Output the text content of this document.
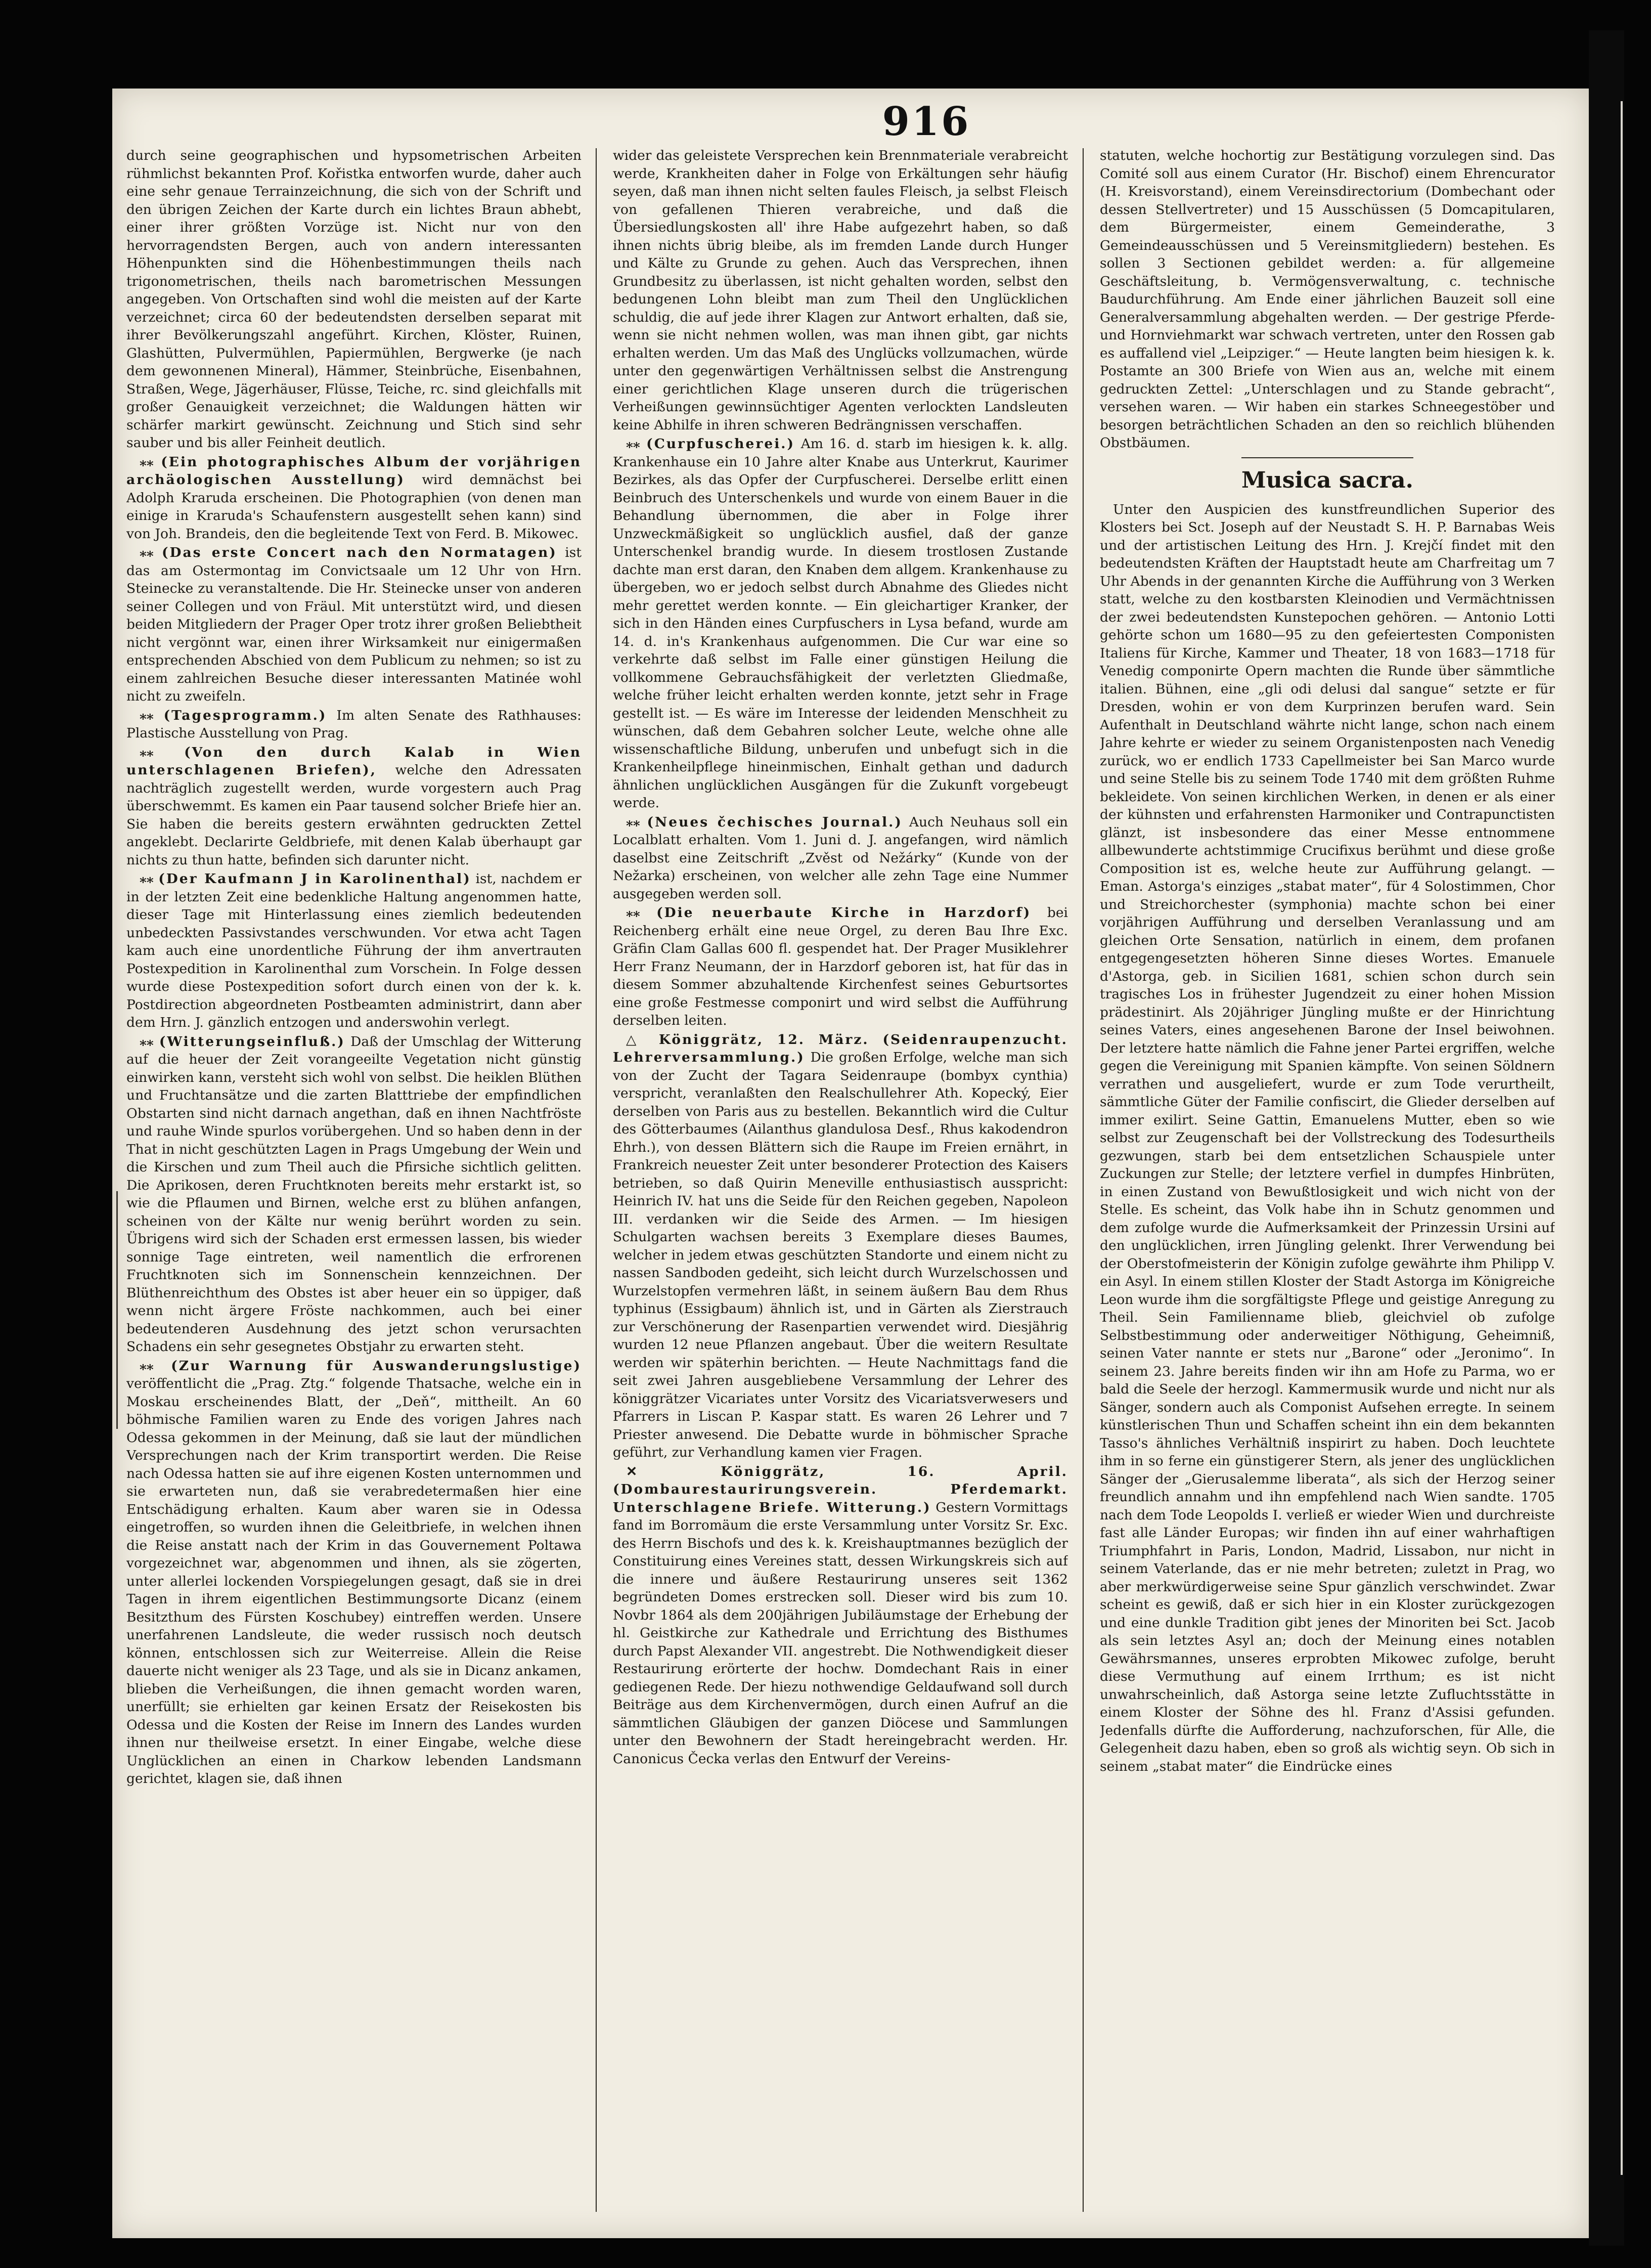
916

durch seine geographischen und hypsometrischen Arbeiten rühmlichst bekannten Prof. Kořistka entworfen wurde, daher auch eine sehr genaue Terrainzeichnung, die sich von der Schrift und den übrigen Zeichen der Karte durch ein lichtes Braun abhebt, einer ihrer größten Vorzüge ist. Nicht nur von den hervorragendsten Bergen, auch von andern interessanten Höhenpunkten sind die Höhenbestimmungen theils nach trigonometrischen, theils nach barometrischen Messungen angegeben. Von Ortschaften sind wohl die meisten auf der Karte verzeichnet; circa 60 der bedeutendsten derselben separat mit ihrer Bevölkerungszahl angeführt. Kirchen, Klöster, Ruinen, Glashütten, Pulvermühlen, Papiermühlen, Bergwerke (je nach dem gewonnenen Mineral), Hämmer, Steinbrüche, Eisenbahnen, Straßen, Wege, Jägerhäuser, Flüsse, Teiche, rc. sind gleichfalls mit großer Genauigkeit verzeichnet; die Waldungen hätten wir schärfer markirt gewünscht. Zeichnung und Stich sind sehr sauber und bis aller Feinheit deutlich.

⁎⁎ (Ein photographisches Album der vorjährigen archäologischen Ausstellung) wird demnächst bei Adolph Kraruda erscheinen. Die Photographien (von denen man einige in Kraruda's Schaufenstern ausgestellt sehen kann) sind von Joh. Brandeis, den die begleitende Text von Ferd. B. Mikowec.

⁎⁎ (Das erste Concert nach den Normatagen) ist das am Ostermontag im Convictsaale um 12 Uhr von Hrn. Steinecke zu veranstaltende. Die Hr. Steinecke unser von anderen seiner Collegen und von Fräul. Mit unterstützt wird, und diesen beiden Mitgliedern der Prager Oper trotz ihrer großen Beliebtheit nicht vergönnt war, einen ihrer Wirksamkeit nur einigermaßen entsprechenden Abschied von dem Publicum zu nehmen; so ist zu einem zahlreichen Besuche dieser interessanten Matinée wohl nicht zu zweifeln.

⁎⁎ (Tagesprogramm.) Im alten Senate des Rathhauses: Plastische Ausstellung von Prag.

⁎⁎ (Von den durch Kalab in Wien unterschlagenen Briefen), welche den Adressaten nachträglich zugestellt werden, wurde vorgestern auch Prag überschwemmt. Es kamen ein Paar tausend solcher Briefe hier an. Sie haben die bereits gestern erwähnten gedruckten Zettel angeklebt. Declarirte Geldbriefe, mit denen Kalab überhaupt gar nichts zu thun hatte, befinden sich darunter nicht.

⁎⁎ (Der Kaufmann J in Karolinenthal) ist, nachdem er in der letzten Zeit eine bedenkliche Haltung angenommen hatte, dieser Tage mit Hinterlassung eines ziemlich bedeutenden unbedeckten Passivstandes verschwunden. Vor etwa acht Tagen kam auch eine unordentliche Führung der ihm anvertrauten Postexpedition in Karolinenthal zum Vorschein. In Folge dessen wurde diese Postexpedition sofort durch einen von der k. k. Postdirection abgeordneten Postbeamten administrirt, dann aber dem Hrn. J. gänzlich entzogen und anderswohin verlegt.

⁎⁎ (Witterungseinfluß.) Daß der Umschlag der Witterung auf die heuer der Zeit vorangeeilte Vegetation nicht günstig einwirken kann, versteht sich wohl von selbst. Die heiklen Blüthen und Fruchtansätze und die zarten Blatttriebe der empfindlichen Obstarten sind nicht darnach angethan, daß en ihnen Nachtfröste und rauhe Winde spurlos vorübergehen. Und so haben denn in der That in nicht geschützten Lagen in Prags Umgebung der Wein und die Kirschen und zum Theil auch die Pfirsiche sichtlich gelitten. Die Aprikosen, deren Fruchtknoten bereits mehr erstarkt ist, so wie die Pflaumen und Birnen, welche erst zu blühen anfangen, scheinen von der Kälte nur wenig berührt worden zu sein. Übrigens wird sich der Schaden erst ermessen lassen, bis wieder sonnige Tage eintreten, weil namentlich die erfrorenen Fruchtknoten sich im Sonnenschein kennzeichnen. Der Blüthenreichthum des Obstes ist aber heuer ein so üppiger, daß wenn nicht ärgere Fröste nachkommen, auch bei einer bedeutenderen Ausdehnung des jetzt schon verursachten Schadens ein sehr gesegnetes Obstjahr zu erwarten steht.

⁎⁎ (Zur Warnung für Auswanderungslustige) veröffentlicht die „Prag. Ztg.“ folgende Thatsache, welche ein in Moskau erscheinendes Blatt, der „Deň“, mittheilt. An 60 böhmische Familien waren zu Ende des vorigen Jahres nach Odessa gekommen in der Meinung, daß sie laut der mündlichen Versprechungen nach der Krim transportirt werden. Die Reise nach Odessa hatten sie auf ihre eigenen Kosten unternommen und sie erwarteten nun, daß sie verabredetermaßen hier eine Entschädigung erhalten. Kaum aber waren sie in Odessa eingetroffen, so wurden ihnen die Geleitbriefe, in welchen ihnen die Reise anstatt nach der Krim in das Gouvernement Poltawa vorgezeichnet war, abgenommen und ihnen, als sie zögerten, unter allerlei lockenden Vorspiegelungen gesagt, daß sie in drei Tagen in ihrem eigentlichen Bestimmungsorte Dicanz (einem Besitzthum des Fürsten Koschubey) eintreffen werden. Unsere unerfahrenen Landsleute, die weder russisch noch deutsch können, entschlossen sich zur Weiterreise. Allein die Reise dauerte nicht weniger als 23 Tage, und als sie in Dicanz ankamen, blieben die Verheißungen, die ihnen gemacht worden waren, unerfüllt; sie erhielten gar keinen Ersatz der Reisekosten bis Odessa und die Kosten der Reise im Innern des Landes wurden ihnen nur theilweise ersetzt. In einer Eingabe, welche diese Unglücklichen an einen in Charkow lebenden Landsmann gerichtet, klagen sie, daß ihnen

wider das geleistete Versprechen kein Brennmateriale verabreicht werde, Krankheiten daher in Folge von Erkältungen sehr häufig seyen, daß man ihnen nicht selten faules Fleisch, ja selbst Fleisch von gefallenen Thieren verabreiche, und daß die Übersiedlungskosten all' ihre Habe aufgezehrt haben, so daß ihnen nichts übrig bleibe, als im fremden Lande durch Hunger und Kälte zu Grunde zu gehen. Auch das Versprechen, ihnen Grundbesitz zu überlassen, ist nicht gehalten worden, selbst den bedungenen Lohn bleibt man zum Theil den Unglücklichen schuldig, die auf jede ihrer Klagen zur Antwort erhalten, daß sie, wenn sie nicht nehmen wollen, was man ihnen gibt, gar nichts erhalten werden. Um das Maß des Unglücks vollzumachen, würde unter den gegenwärtigen Verhältnissen selbst die Anstrengung einer gerichtlichen Klage unseren durch die trügerischen Verheißungen gewinnsüchtiger Agenten verlockten Landsleuten keine Abhilfe in ihren schweren Bedrängnissen verschaffen.

⁎⁎ (Curpfuscherei.) Am 16. d. starb im hiesigen k. k. allg. Krankenhause ein 10 Jahre alter Knabe aus Unterkrut, Kaurimer Bezirkes, als das Opfer der Curpfuscherei. Derselbe erlitt einen Beinbruch des Unterschenkels und wurde von einem Bauer in die Behandlung übernommen, die aber in Folge ihrer Unzweckmäßigkeit so unglücklich ausfiel, daß der ganze Unterschenkel brandig wurde. In diesem trostlosen Zustande dachte man erst daran, den Knaben dem allgem. Krankenhause zu übergeben, wo er jedoch selbst durch Abnahme des Gliedes nicht mehr gerettet werden konnte. — Ein gleichartiger Kranker, der sich in den Händen eines Curpfuschers in Lysa befand, wurde am 14. d. in's Krankenhaus aufgenommen. Die Cur war eine so verkehrte daß selbst im Falle einer günstigen Heilung die vollkommene Gebrauchsfähigkeit der verletzten Gliedmaße, welche früher leicht erhalten werden konnte, jetzt sehr in Frage gestellt ist. — Es wäre im Interesse der leidenden Menschheit zu wünschen, daß dem Gebahren solcher Leute, welche ohne alle wissenschaftliche Bildung, unberufen und unbefugt sich in die Krankenheilpflege hineinmischen, Einhalt gethan und dadurch ähnlichen unglücklichen Ausgängen für die Zukunft vorgebeugt werde.

⁎⁎ (Neues čechisches Journal.) Auch Neuhaus soll ein Localblatt erhalten. Vom 1. Juni d. J. angefangen, wird nämlich daselbst eine Zeitschrift „Zvěst od Nežárky“ (Kunde von der Nežarka) erscheinen, von welcher alle zehn Tage eine Nummer ausgegeben werden soll.

⁎⁎ (Die neuerbaute Kirche in Harzdorf) bei Reichenberg erhält eine neue Orgel, zu deren Bau Ihre Exc. Gräfin Clam Gallas 600 fl. gespendet hat. Der Prager Musiklehrer Herr Franz Neumann, der in Harzdorf geboren ist, hat für das in diesem Sommer abzuhaltende Kirchenfest seines Geburtsortes eine große Festmesse componirt und wird selbst die Aufführung derselben leiten.

△ Königgrätz, 12. März. (Seidenraupenzucht. Lehrerversammlung.) Die großen Erfolge, welche man sich von der Zucht der Tagara Seidenraupe (bombyx cynthia) verspricht, veranlaßten den Realschullehrer Ath. Kopecký, Eier derselben von Paris aus zu bestellen. Bekanntlich wird die Cultur des Götterbaumes (Ailanthus glandulosa Desf., Rhus kakodendron Ehrh.), von dessen Blättern sich die Raupe im Freien ernährt, in Frankreich neuester Zeit unter besonderer Protection des Kaisers betrieben, so daß Quirin Meneville enthusiastisch ausspricht: Heinrich IV. hat uns die Seide für den Reichen gegeben, Napoleon III. verdanken wir die Seide des Armen. — Im hiesigen Schulgarten wachsen bereits 3 Exemplare dieses Baumes, welcher in jedem etwas geschützten Standorte und einem nicht zu nassen Sandboden gedeiht, sich leicht durch Wurzelschossen und Wurzelstopfen vermehren läßt, in seinem äußern Bau dem Rhus typhinus (Essigbaum) ähnlich ist, und in Gärten als Zierstrauch zur Verschönerung der Rasenpartien verwendet wird. Diesjährig wurden 12 neue Pflanzen angebaut. Über die weitern Resultate werden wir späterhin berichten. — Heute Nachmittags fand die seit zwei Jahren ausgebliebene Versammlung der Lehrer des königgrätzer Vicariates unter Vorsitz des Vicariatsverwesers und Pfarrers in Liscan P. Kaspar statt. Es waren 26 Lehrer und 7 Priester anwesend. Die Debatte wurde in böhmischer Sprache geführt, zur Verhandlung kamen vier Fragen.

✕ Königgrätz, 16. April. (Dombaurestaurirungsverein. Pferdemarkt. Unterschlagene Briefe. Witterung.) Gestern Vormittags fand im Borromäum die erste Versammlung unter Vorsitz Sr. Exc. des Herrn Bischofs und des k. k. Kreishauptmannes bezüglich der Constituirung eines Vereines statt, dessen Wirkungskreis sich auf die innere und äußere Restaurirung unseres seit 1362 begründeten Domes erstrecken soll. Dieser wird bis zum 10. Novbr 1864 als dem 200jährigen Jubiläumstage der Erhebung der hl. Geistkirche zur Kathedrale und Errichtung des Bisthumes durch Papst Alexander VII. angestrebt. Die Nothwendigkeit dieser Restaurirung erörterte der hochw. Domdechant Rais in einer gediegenen Rede. Der hiezu nothwendige Geldaufwand soll durch Beiträge aus dem Kirchenvermögen, durch einen Aufruf an die sämmtlichen Gläubigen der ganzen Diöcese und Sammlungen unter den Bewohnern der Stadt hereingebracht werden. Hr. Canonicus Čecka verlas den Entwurf der Vereins-

statuten, welche hochortig zur Bestätigung vorzulegen sind. Das Comité soll aus einem Curator (Hr. Bischof) einem Ehrencurator (H. Kreisvorstand), einem Vereinsdirectorium (Dombechant oder dessen Stellvertreter) und 15 Ausschüssen (5 Domcapitularen, dem Bürgermeister, einem Gemeinderathe, 3 Gemeindeausschüssen und 5 Vereinsmitgliedern) bestehen. Es sollen 3 Sectionen gebildet werden: a. für allgemeine Geschäftsleitung, b. Vermögensverwaltung, c. technische Baudurchführung. Am Ende einer jährlichen Bauzeit soll eine Generalversammlung abgehalten werden. — Der gestrige Pferde- und Hornviehmarkt war schwach vertreten, unter den Rossen gab es auffallend viel „Leipziger.“ — Heute langten beim hiesigen k. k. Postamte an 300 Briefe von Wien aus an, welche mit einem gedruckten Zettel: „Unterschlagen und zu Stande gebracht“, versehen waren. — Wir haben ein starkes Schneegestöber und besorgen beträchtlichen Schaden an den so reichlich blühenden Obstbäumen.

Musica sacra.

Unter den Auspicien des kunstfreundlichen Superior des Klosters bei Sct. Joseph auf der Neustadt S. H. P. Barnabas Weis und der artistischen Leitung des Hrn. J. Krejčí findet mit den bedeutendsten Kräften der Hauptstadt heute am Charfreitag um 7 Uhr Abends in der genannten Kirche die Aufführung von 3 Werken statt, welche zu den kostbarsten Kleinodien und Vermächtnissen der zwei bedeutendsten Kunstepochen gehören. — Antonio Lotti gehörte schon um 1680—95 zu den gefeiertesten Componisten Italiens für Kirche, Kammer und Theater, 18 von 1683—1718 für Venedig componirte Opern machten die Runde über sämmtliche italien. Bühnen, eine „gli odi delusi dal sangue“ setzte er für Dresden, wohin er von dem Kurprinzen berufen ward. Sein Aufenthalt in Deutschland währte nicht lange, schon nach einem Jahre kehrte er wieder zu seinem Organistenposten nach Venedig zurück, wo er endlich 1733 Capellmeister bei San Marco wurde und seine Stelle bis zu seinem Tode 1740 mit dem größten Ruhme bekleidete. Von seinen kirchlichen Werken, in denen er als einer der kühnsten und erfahrensten Harmoniker und Contrapunctisten glänzt, ist insbesondere das einer Messe entnommene allbewunderte achtstimmige Crucifixus berühmt und diese große Composition ist es, welche heute zur Aufführung gelangt. — Eman. Astorga's einziges „stabat mater“, für 4 Solostimmen, Chor und Streichorchester (symphonia) machte schon bei einer vorjährigen Aufführung und derselben Veranlassung und am gleichen Orte Sensation, natürlich in einem, dem profanen entgegengesetzten höheren Sinne dieses Wortes. Emanuele d'Astorga, geb. in Sicilien 1681, schien schon durch sein tragisches Los in frühester Jugendzeit zu einer hohen Mission prädestinirt. Als 20jähriger Jüngling mußte er der Hinrichtung seines Vaters, eines angesehenen Barone der Insel beiwohnen. Der letztere hatte nämlich die Fahne jener Partei ergriffen, welche gegen die Vereinigung mit Spanien kämpfte. Von seinen Söldnern verrathen und ausgeliefert, wurde er zum Tode verurtheilt, sämmtliche Güter der Familie confiscirt, die Glieder derselben auf immer exilirt. Seine Gattin, Emanuelens Mutter, eben so wie selbst zur Zeugenschaft bei der Vollstreckung des Todesurtheils gezwungen, starb bei dem entsetzlichen Schauspiele unter Zuckungen zur Stelle; der letztere verfiel in dumpfes Hinbrüten, in einen Zustand von Bewußtlosigkeit und wich nicht von der Stelle. Es scheint, das Volk habe ihn in Schutz genommen und dem zufolge wurde die Aufmerksamkeit der Prinzessin Ursini auf den unglücklichen, irren Jüngling gelenkt. Ihrer Verwendung bei der Oberstofmeisterin der Königin zufolge gewährte ihm Philipp V. ein Asyl. In einem stillen Kloster der Stadt Astorga im Königreiche Leon wurde ihm die sorgfältigste Pflege und geistige Anregung zu Theil. Sein Familienname blieb, gleichviel ob zufolge Selbstbestimmung oder anderweitiger Nöthigung, Geheimniß, seinen Vater nannte er stets nur „Barone“ oder „Jeronimo“. In seinem 23. Jahre bereits finden wir ihn am Hofe zu Parma, wo er bald die Seele der herzogl. Kammermusik wurde und nicht nur als Sänger, sondern auch als Componist Aufsehen erregte. In seinem künstlerischen Thun und Schaffen scheint ihn ein dem bekannten Tasso's ähnliches Verhältniß inspirirt zu haben. Doch leuchtete ihm in so ferne ein günstigerer Stern, als jener des unglücklichen Sänger der „Gierusalemme liberata“, als sich der Herzog seiner freundlich annahm und ihn empfehlend nach Wien sandte. 1705 nach dem Tode Leopolds I. verließ er wieder Wien und durchreiste fast alle Länder Europas; wir finden ihn auf einer wahrhaftigen Triumphfahrt in Paris, London, Madrid, Lissabon, nur nicht in seinem Vaterlande, das er nie mehr betreten; zuletzt in Prag, wo aber merkwürdigerweise seine Spur gänzlich verschwindet. Zwar scheint es gewiß, daß er sich hier in ein Kloster zurückgezogen und eine dunkle Tradition gibt jenes der Minoriten bei Sct. Jacob als sein letztes Asyl an; doch der Meinung eines notablen Gewährsmannes, unseres erprobten Mikowec zufolge, beruht diese Vermuthung auf einem Irrthum; es ist nicht unwahrscheinlich, daß Astorga seine letzte Zufluchtsstätte in einem Kloster der Söhne des hl. Franz d'Assisi gefunden. Jedenfalls dürfte die Aufforderung, nachzuforschen, für Alle, die Gelegenheit dazu haben, eben so groß als wichtig seyn. Ob sich in seinem „stabat mater“ die Eindrücke eines
